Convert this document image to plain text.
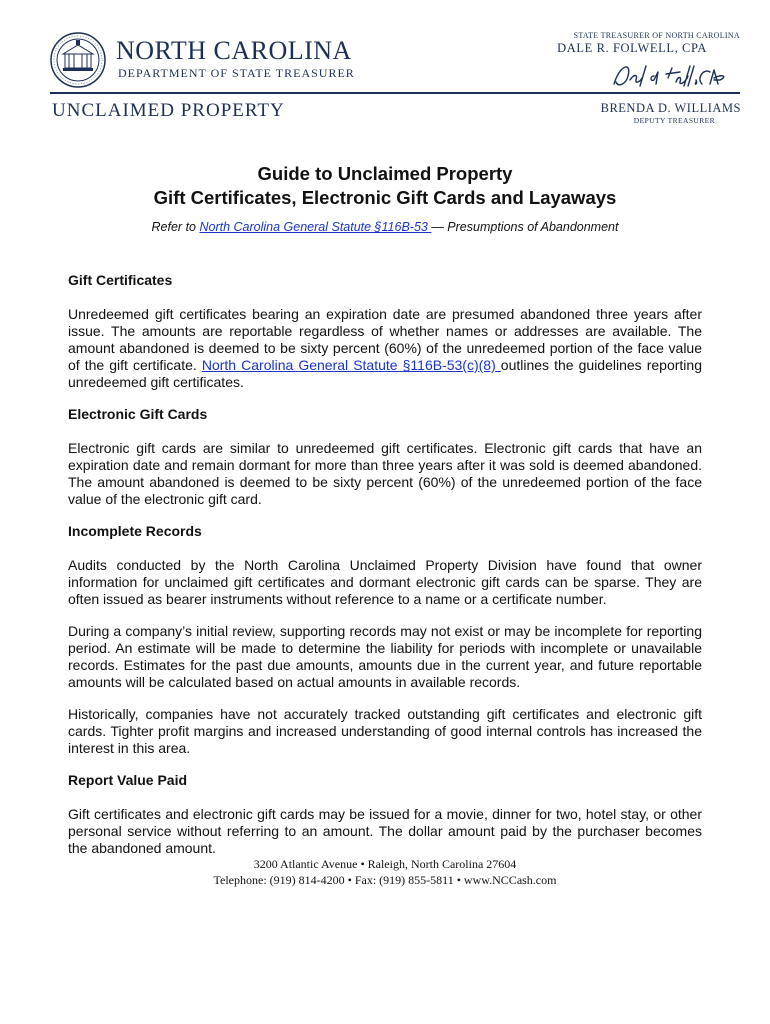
NORTH CAROLINA
DEPARTMENT OF STATE TREASURER
STATE TREASURER OF NORTH CAROLINA
DALE R. FOLWELL, CPA
UNCLAIMED PROPERTY	BRENDA D. WILLIAMS
DEPUTY TREASURER
Guide to Unclaimed Property
Gift Certificates, Electronic Gift Cards and Layaways

Refer to North Carolina General Statute §116B-53 — Presumptions of Abandonment

Gift Certificates

Unredeemed gift certificates bearing an expiration date are presumed abandoned three years after issue. The amounts are reportable regardless of whether names or addresses are available. The amount abandoned is deemed to be sixty percent (60%) of the unredeemed portion of the face value of the gift certificate. North Carolina General Statute §116B-53(c)(8) outlines the guidelines reporting unredeemed gift certificates.

Electronic Gift Cards

Electronic gift cards are similar to unredeemed gift certificates. Electronic gift cards that have an expiration date and remain dormant for more than three years after it was sold is deemed abandoned. The amount abandoned is deemed to be sixty percent (60%) of the unredeemed portion of the face value of the electronic gift card.

Incomplete Records

Audits conducted by the North Carolina Unclaimed Property Division have found that owner information for unclaimed gift certificates and dormant electronic gift cards can be sparse. They are often issued as bearer instruments without reference to a name or a certificate number.

During a company’s initial review, supporting records may not exist or may be incomplete for reporting period. An estimate will be made to determine the liability for periods with incomplete or unavailable records. Estimates for the past due amounts, amounts due in the current year, and future reportable amounts will be calculated based on actual amounts in available records.

Historically, companies have not accurately tracked outstanding gift certificates and electronic gift cards. Tighter profit margins and increased understanding of good internal controls has increased the interest in this area.

Report Value Paid

Gift certificates and electronic gift cards may be issued for a movie, dinner for two, hotel stay, or other personal service without referring to an amount. The dollar amount paid by the purchaser becomes the abandoned amount.

3200 Atlantic Avenue • Raleigh, North Carolina 27604
Telephone: (919) 814-4200 • Fax: (919) 855-5811 • www.NCCash.com
